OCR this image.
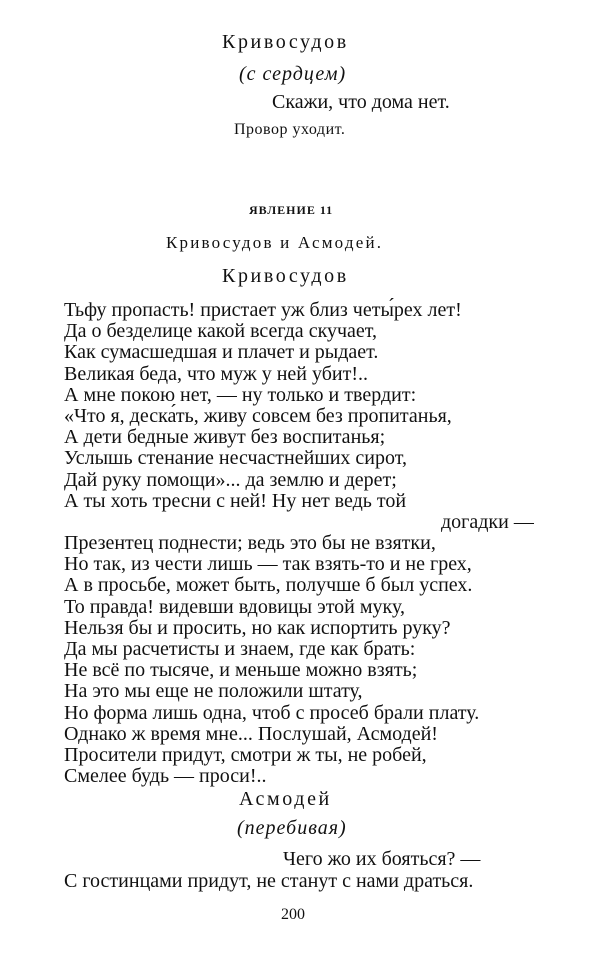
Кривосудов
(с сердцем)
Скажи, что дома нет.
Провор уходит.
ЯВЛЕНИЕ 11
Кривосудов и Асмодей.
Кривосудов
Тьфу пропасть! пристает уж близ четы́рех лет!
Да о безделице какой всегда скучает,
Как сумасшедшая и плачет и рыдает.
Великая беда, что муж у ней убит!..
А мне покою нет, — ну только и твердит:
«Что я, деска́ть, живу совсем без пропитанья,
А дети бедные живут без воспитанья;
Услышь стенание несчастнейших сирот,
Дай руку помощи»... да землю и дерет;
А ты хоть тресни с ней! Ну нет ведь той
догадки —
Презентец поднести; ведь это бы не взятки,
Но так, из чести лишь — так взять-то и не грех,
А в просьбе, может быть, получше б был успех.
То правда! видевши вдовицы этой муку,
Нельзя бы и просить, но как испортить руку?
Да мы расчетисты и знаем, где как брать:
Не всё по тысяче, и меньше можно взять;
На это мы еще не положили штату,
Но форма лишь одна, чтоб с просеб брали плату.
Однако ж время мне... Послушай, Асмодей!
Просители придут, смотри ж ты, не робей,
Смелее будь — проси!..
Асмодей
(перебивая)
Чего жо их бояться? —
С гостинцами придут, не станут с нами драться.
200
